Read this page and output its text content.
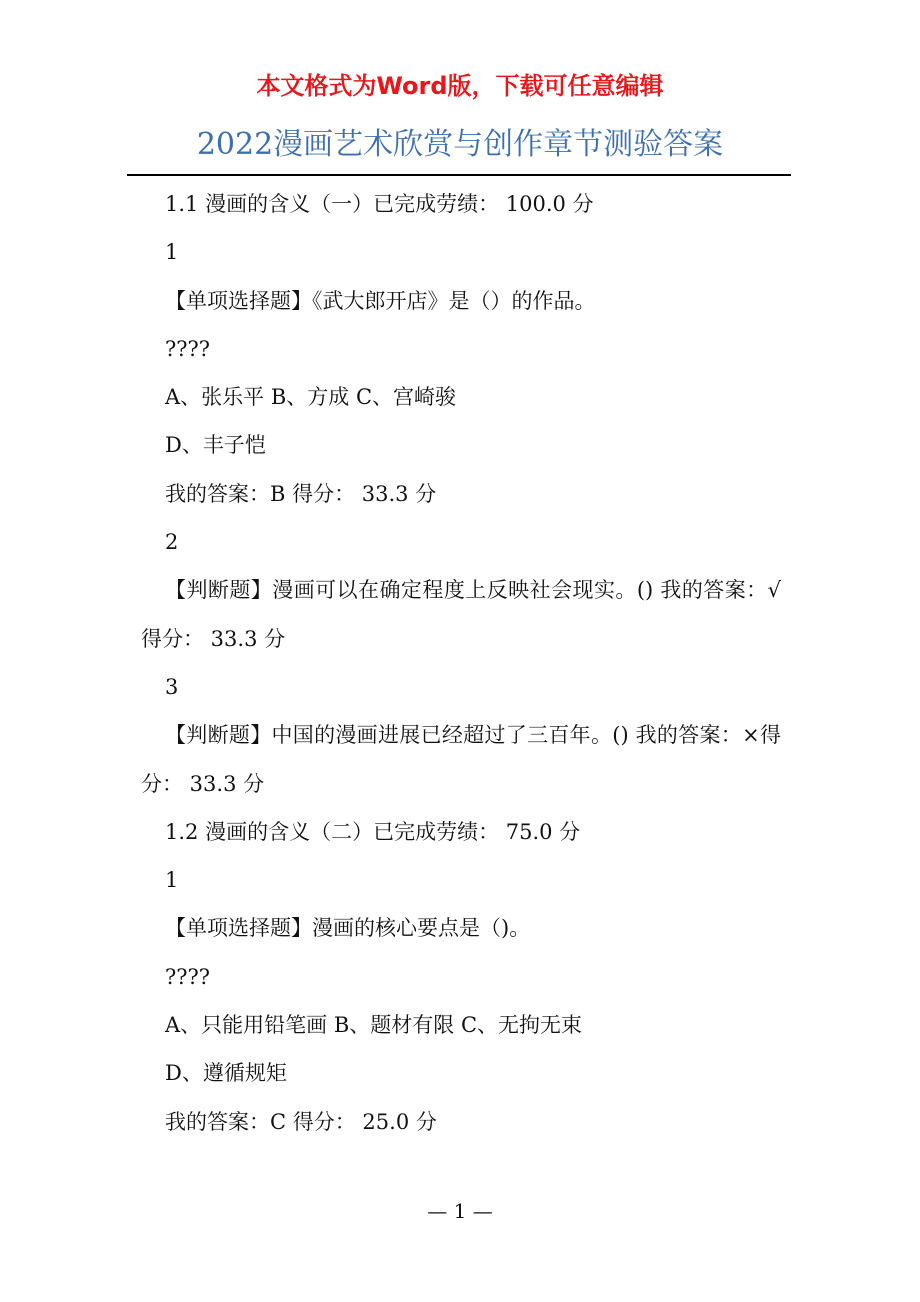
本文格式为Word版，下载可任意编辑
2022漫画艺术欣赏与创作章节测验答案
1.1 漫画的含义（一）已完成劳绩： 100.0 分
1
【单项选择题】《武大郎开店》是（）的作品。
????
A、张乐平 B、方成 C、宫崎骏
D、丰子恺
我的答案：B 得分： 33.3 分
2
【判断题】漫画可以在确定程度上反映社会现实。() 我的答案：√得分： 33.3 分
3
【判断题】中国的漫画进展已经超过了三百年。() 我的答案：×得分： 33.3 分
1.2 漫画的含义（二）已完成劳绩： 75.0 分
1
【单项选择题】漫画的核心要点是（)。
????
A、只能用铅笔画 B、题材有限 C、无拘无束
D、遵循规矩
我的答案：C 得分： 25.0 分
— 1 —
